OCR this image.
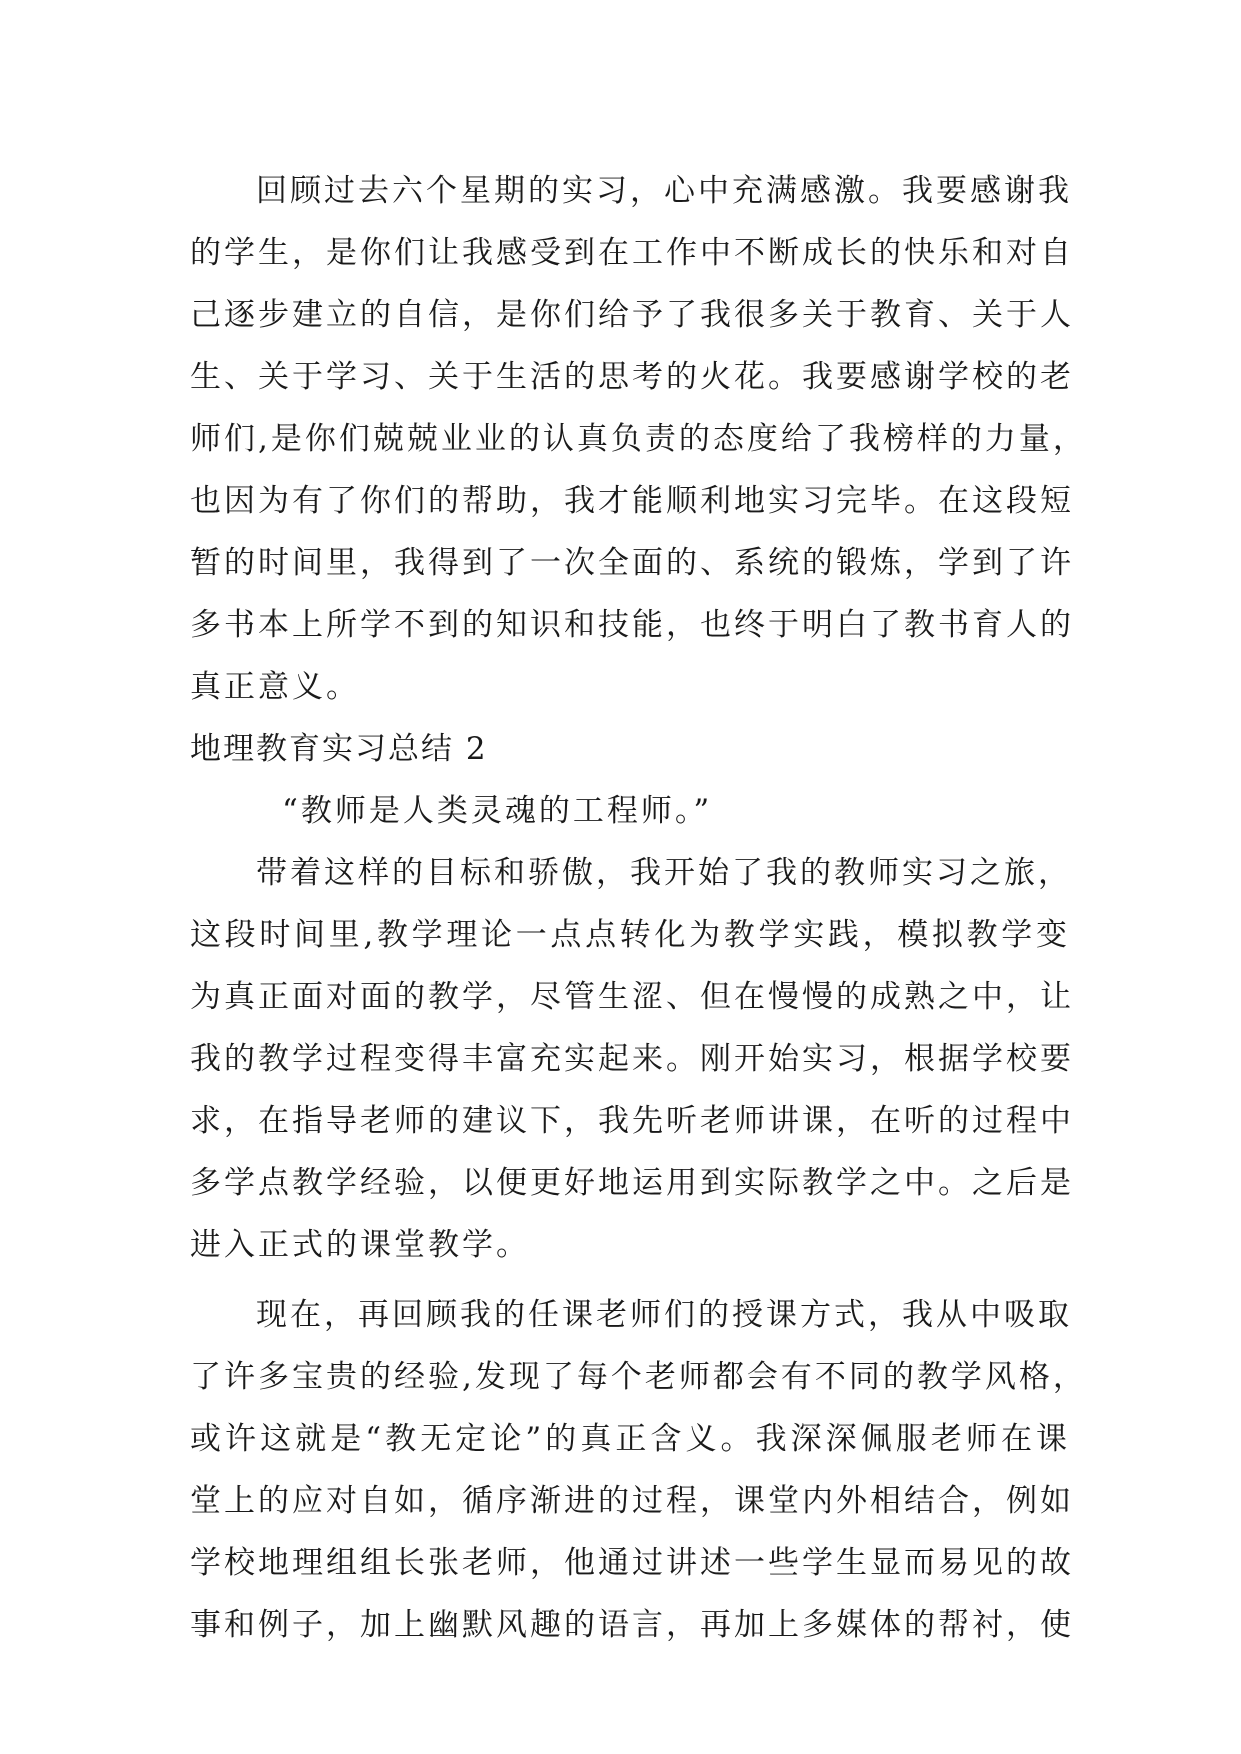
回顾过去六个星期的实习，心中充满感激。我要感谢我
的学生，是你们让我感受到在工作中不断成长的快乐和对自
己逐步建立的自信，是你们给予了我很多关于教育、关于人
生、关于学习、关于生活的思考的火花。我要感谢学校的老
师们,是你们兢兢业业的认真负责的态度给了我榜样的力量，
也因为有了你们的帮助，我才能顺利地实习完毕。在这段短
暂的时间里，我得到了一次全面的、系统的锻炼，学到了许
多书本上所学不到的知识和技能，也终于明白了教书育人的
真正意义。
地理教育实习总结 2
“教师是人类灵魂的工程师。”
带着这样的目标和骄傲，我开始了我的教师实习之旅，
这段时间里,教学理论一点点转化为教学实践，模拟教学变
为真正面对面的教学，尽管生涩、但在慢慢的成熟之中，让
我的教学过程变得丰富充实起来。刚开始实习，根据学校要
求，在指导老师的建议下，我先听老师讲课，在听的过程中
多学点教学经验，以便更好地运用到实际教学之中。之后是
进入正式的课堂教学。
现在，再回顾我的任课老师们的授课方式，我从中吸取
了许多宝贵的经验,发现了每个老师都会有不同的教学风格，
或许这就是“教无定论”的真正含义。我深深佩服老师在课
堂上的应对自如，循序渐进的过程，课堂内外相结合，例如
学校地理组组长张老师，他通过讲述一些学生显而易见的故
事和例子，加上幽默风趣的语言，再加上多媒体的帮衬，使
